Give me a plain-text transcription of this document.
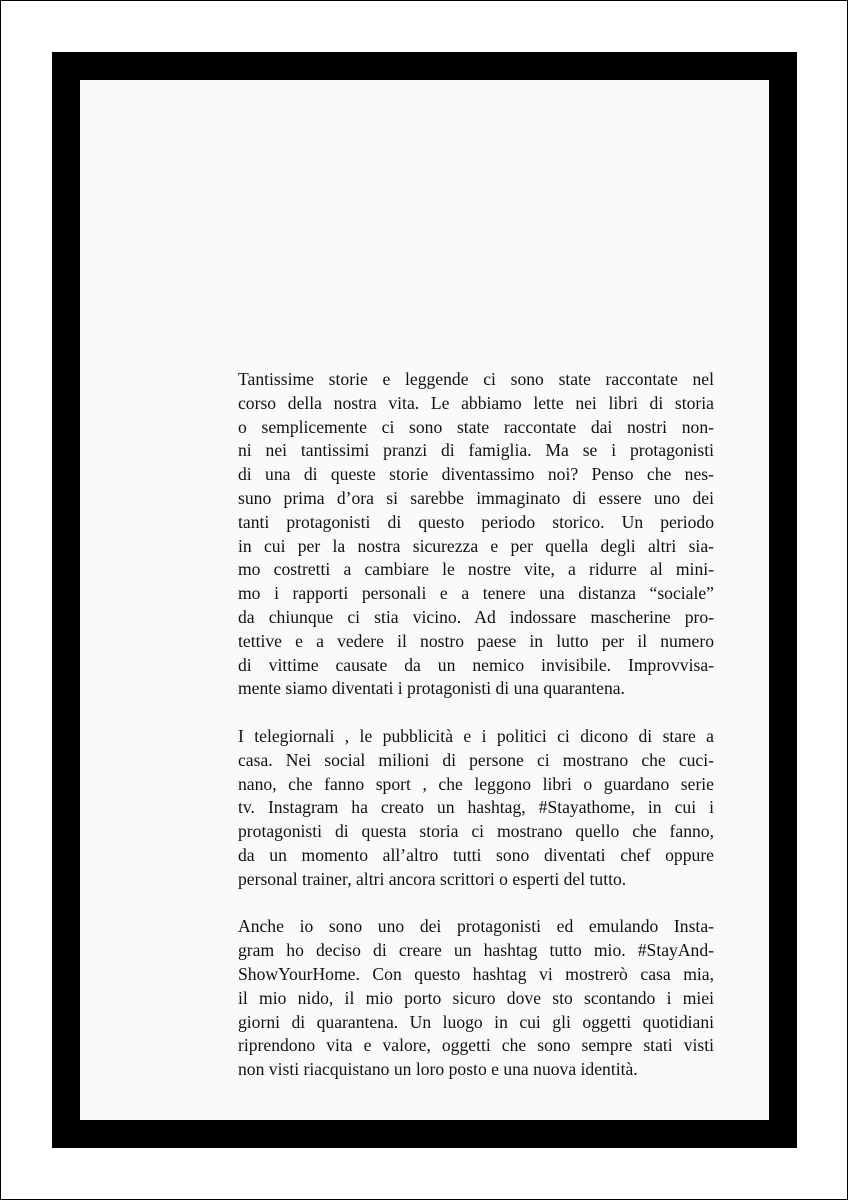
Tantissime storie e leggende ci sono state raccontate nel
corso della nostra vita. Le abbiamo lette nei libri di storia
o semplicemente ci sono state raccontate dai nostri non-
ni nei tantissimi pranzi di famiglia. Ma se i protagonisti
di una di queste storie diventassimo noi? Penso che nes-
suno prima d’ora si sarebbe immaginato di essere uno dei
tanti protagonisti di questo periodo storico. Un periodo
in cui per la nostra sicurezza e per quella degli altri sia-
mo costretti a cambiare le nostre vite, a ridurre al mini-
mo i rapporti personali e a tenere una distanza “sociale”
da chiunque ci stia vicino. Ad indossare mascherine pro-
tettive e a vedere il nostro paese in lutto per il numero
di vittime causate da un nemico invisibile. Improvvisa-
mente siamo diventati i protagonisti di una quarantena.

I telegiornali , le pubblicità e i politici ci dicono di stare a
casa. Nei social milioni di persone ci mostrano che cuci-
nano, che fanno sport , che leggono libri o guardano serie
tv. Instagram ha creato un hashtag, #Stayathome, in cui i
protagonisti di questa storia ci mostrano quello che fanno,
da un momento all’altro tutti sono diventati chef oppure
personal trainer, altri ancora scrittori o esperti del tutto.

Anche io sono uno dei protagonisti ed emulando Insta-
gram ho deciso di creare un hashtag tutto mio. #StayAnd-
ShowYourHome. Con questo hashtag vi mostrerò casa mia,
il mio nido, il mio porto sicuro dove sto scontando i miei
giorni di quarantena. Un luogo in cui gli oggetti quotidiani
riprendono vita e valore, oggetti che sono sempre stati visti
non visti riacquistano un loro posto e una nuova identità.
